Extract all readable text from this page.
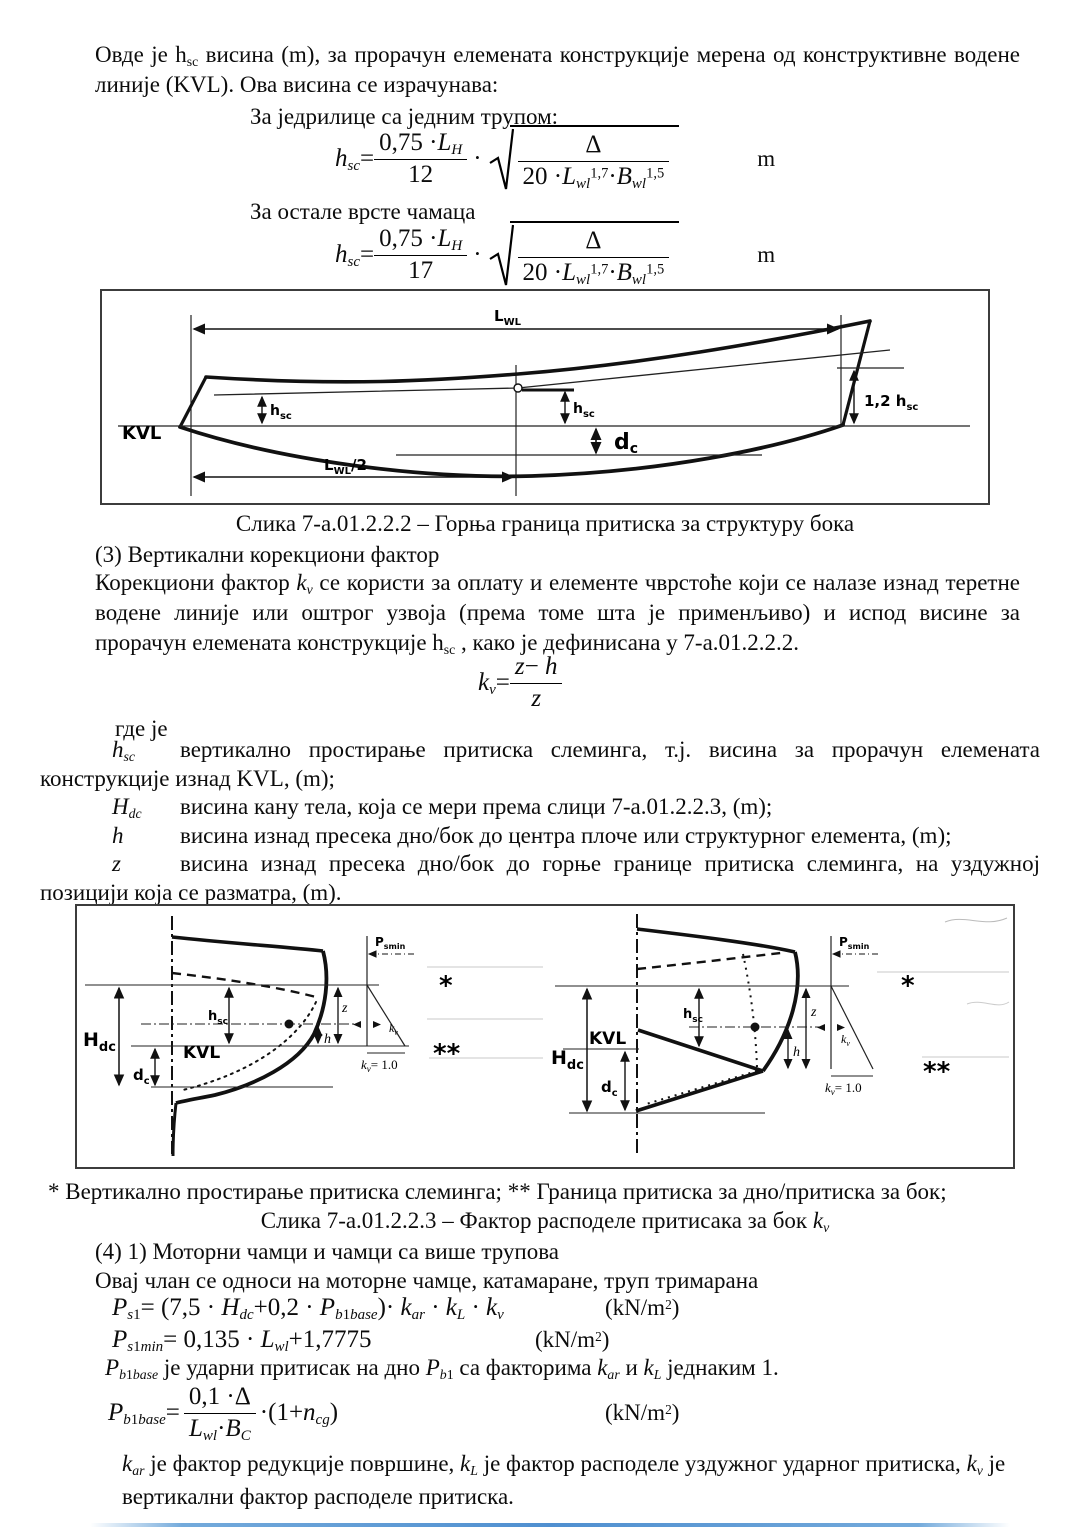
Овде је $h_{sc}$ висина (m), за прорачун елемената конструкције мерена од конструктивне водене линије (KVL). Ова висина се израчунава:
За једрилице са једним трупом:
$h_{sc}= \frac{0,75 \cdot L_H}{12} \cdot \frac{\Delta}{20 \cdot L_{wl}^{1,7}\cdot B_{wl}^{1,5}}$	m
За остале врсте чамаца
$h_{sc}= \frac{0,75 \cdot L_H}{17} \cdot \frac{\Delta}{20 \cdot L_{wl}^{1,7}\cdot B_{wl}^{1,5}}$	m
$L_{WL}$
KVL
$h_{sc}$	$h_{sc}$
dc
$L_{WL}/2$
1,2 $h_{sc}$
Слика 7-а.01.2.2.2 – Горња граница притиска за структуру бока
(3) Вертикални корекциони фактор
Корекциони фактор $k_v$ се користи за оплату и елементе чврстоће који се налазе изнад теретне водене линије или оштрог узвоја (према томе шта је применљиво) и испод висине за прорачун елемената конструкције $h_{sc}$ , како је дефинисана у 7-а.01.2.2.2.
$k_v= \frac{z- h}{z}$
где је

$h_{sc}$ вертикално простирање притиска слеминга, т.ј. висина за прорачун елемената конструкције изнад KVL, (m);

$H_{dc}$ висина кану тела, која се мери према слици 7-а.01.2.2.3, (m);

h висина изнад пресека дно/бок до центра плоче или структурног елемента, (m);

z	висина изнад пресека дно/бок до горње границе притиска слеминга, на уздужној позицији која се разматра, (m).

$H_{dc}$	KVL
$d_c$
$h_{sc}$
h
z
$P_{smin}$
$k_v$
$k_v= 1.0$
*
**	$H_{dc}$
KVL
$d_c$
$h_{sc}$
h
z
$P_{smin}$
$k_v$
$k_v= 1.0$
*
**
* Вертикално простирање притиска слеминга; ** Граница притиска за дно/притиска за бок;
Слика 7-а.01.2.2.3 – Фактор расподеле притисака за бок $k_v$
(4) 1) Моторни чамци и чамци са више трупова
Овај члан се односи на моторне чамце, катамаране, труп тримарана
$P_{s1}= (7,5 \cdot H_{dc}+0,2 \cdot P_{b1base})\cdot k_{ar} \cdot k_L \cdot k_v$	$(kN/m^2)$
$P_{s1min}= 0,135 \cdot L_{wl}+1,7775$	$(kN/m^2)$
$P_{b1base}$ је ударни притисак на дно $P_{b1}$ са факторима $k_{ar}$ и $k_L$ једнаким 1.
$P_{b1base}= \frac{0,1 \cdot\Delta}{L_{wl}\cdot B_C} \cdot(1+n_{cg})$	$(kN/m^2)$
$k_{ar}$ је фактор редукције површине, $k_L$ је фактор расподеле уздужног ударног притиска, $k_v$ је вертикални фактор расподеле притиска.
